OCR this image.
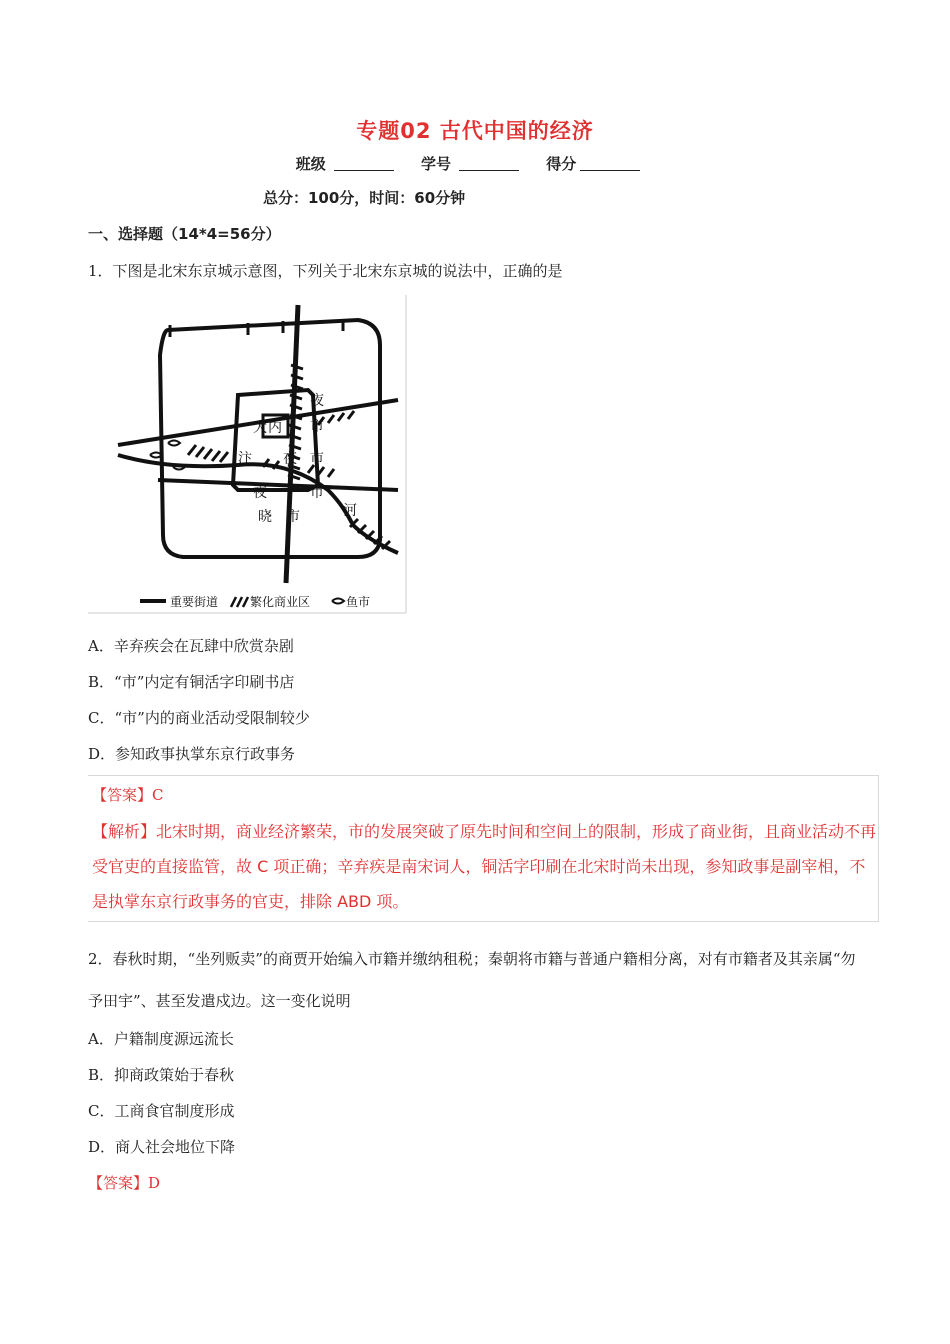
专题02 古代中国的经济
班级	学号	得分
总分：100分，时间：60分钟
一、选择题（14*4=56分）
1．下图是北宋东京城示意图，下列关于北宋东京城的说法中，正确的是
夜
市
内
大
汴 夜 市
夜	市
晓 市	河
重要街道	繁化商业区	鱼市
A．辛弃疾会在瓦肆中欣赏杂剧
B．“市”内定有铜活字印刷书店
C．“市”内的商业活动受限制较少
D．参知政事执掌东京行政事务
【答案】C
【解析】北宋时期，商业经济繁荣，市的发展突破了原先时间和空间上的限制，形成了商业街，且商业活动不再受官吏的直接监管，故 C 项正确；辛弃疾是南宋词人，铜活字印刷在北宋时尚未出现，参知政事是副宰相，不是执掌东京行政事务的官吏，排除 ABD 项。
2．春秋时期，“坐列贩卖”的商贾开始编入市籍并缴纳租税；秦朝将市籍与普通户籍相分离，对有市籍者及其亲属“勿予田宇”、甚至发遣戍边。这一变化说明
A．户籍制度源远流长
B．抑商政策始于春秋
C．工商食官制度形成
D．商人社会地位下降
【答案】D
